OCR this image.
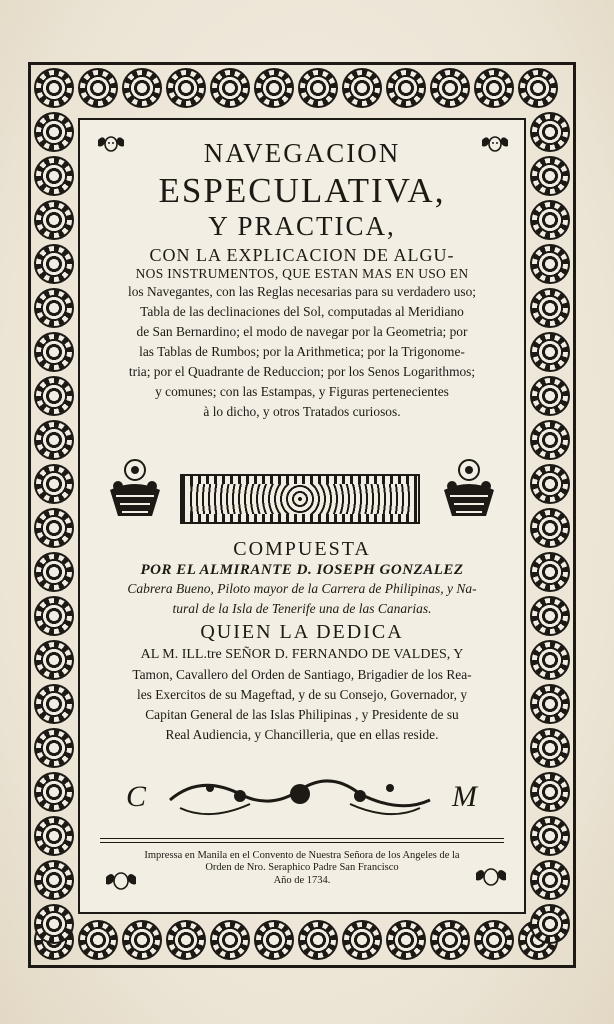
NAVEGACION
ESPECULATIVA,
Y PRACTICA,
CON LA EXPLICACION DE ALGU-
NOS INSTRUMENTOS, QUE ESTAN MAS EN USO EN
los Navegantes, con las Reglas necesarias para su verdadero uso;
Tabla de las declinaciones del Sol, computadas al Meridiano
de San Bernardino; el modo de navegar por la Geometria; por
las Tablas de Rumbos; por la Arithmetica; por la Trigonome-
tria; por el Quadrante de Reduccion; por los Senos Logarithmos;
y comunes; con las Estampas, y Figuras pertenecientes
à lo dicho, y otros Tratados curiosos.
COMPUESTA
POR EL ALMIRANTE D. IOSEPH GONZALEZ
Cabrera Bueno, Piloto mayor de la Carrera de Philipinas, y Na-
tural de la Isla de Tenerife una de las Canarias.
QUIEN LA DEDICA
AL M. ILL.tre SEÑOR D. FERNANDO DE VALDES, Y
Tamon, Cavallero del Orden de Santiago, Brigadier de los Rea-
les Exercitos de su Mageftad, y de su Consejo, Governador, y
Capitan General de las Islas Philipinas , y Presidente de su
Real Audiencia, y Chancilleria, que en ellas reside.
C	M
Impressa en Manila en el Convento de Nuestra Señora de los Angeles de la
Orden de Nro. Seraphico Padre San Francisco
Año de 1734.
